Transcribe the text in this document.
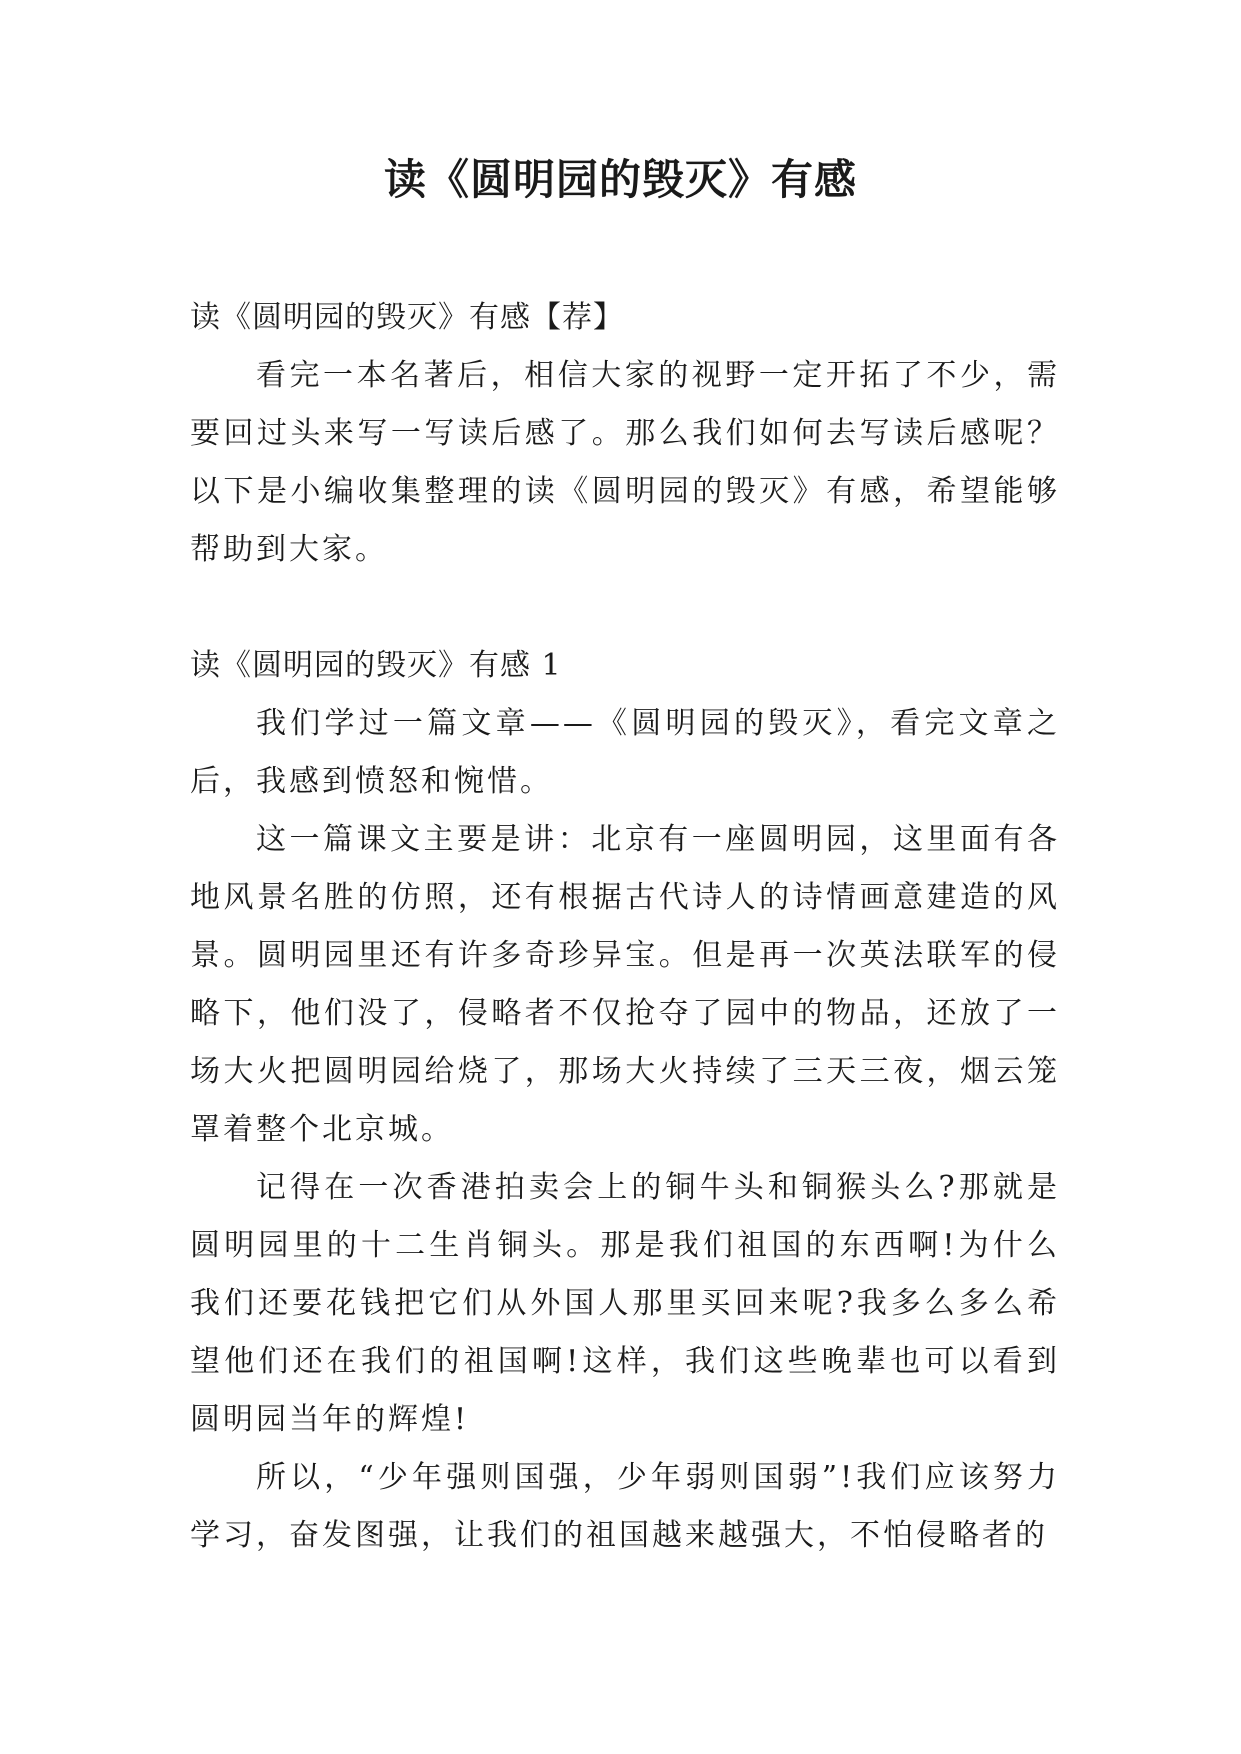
读《圆明园的毁灭》有感

读《圆明园的毁灭》有感【荐】

看完一本名著后，相信大家的视野一定开拓了不少，需要回过头来写一写读后感了。那么我们如何去写读后感呢？以下是小编收集整理的读《圆明园的毁灭》有感，希望能够帮助到大家。

读《圆明园的毁灭》有感 1

我们学过一篇文章——《圆明园的毁灭》，看完文章之后，我感到愤怒和惋惜。

这一篇课文主要是讲：北京有一座圆明园，这里面有各地风景名胜的仿照，还有根据古代诗人的诗情画意建造的风景。圆明园里还有许多奇珍异宝。但是再一次英法联军的侵略下，他们没了，侵略者不仅抢夺了园中的物品，还放了一场大火把圆明园给烧了，那场大火持续了三天三夜，烟云笼罩着整个北京城。

记得在一次香港拍卖会上的铜牛头和铜猴头么?那就是圆明园里的十二生肖铜头。那是我们祖国的东西啊!为什么我们还要花钱把它们从外国人那里买回来呢?我多么多么希望他们还在我们的祖国啊!这样，我们这些晚辈也可以看到圆明园当年的辉煌!

所以，“少年强则国强，少年弱则国弱”!我们应该努力学习，奋发图强，让我们的祖国越来越强大，不怕侵略者的
